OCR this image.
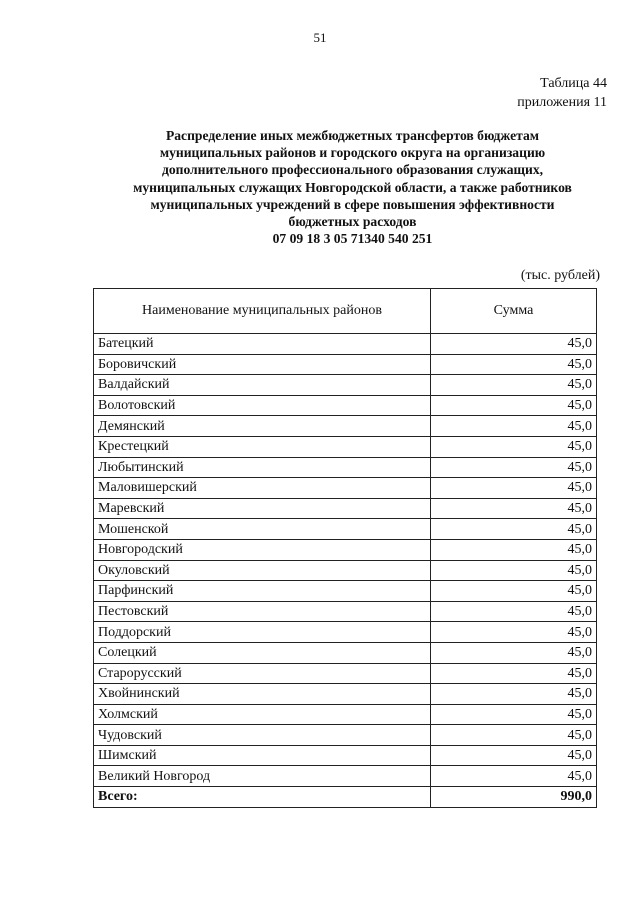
51
Таблица 44
приложения 11
Распределение иных межбюджетных трансфертов бюджетам
муниципальных районов и городского округа на организацию
дополнительного профессионального образования служащих,
муниципальных служащих Новгородской области, а также работников
муниципальных учреждений в сфере повышения эффективности
бюджетных расходов
07 09 18 3 05 71340 540 251
(тыс. рублей)
Наименование муниципальных районов	Сумма
Батецкий	45,0
Боровичский	45,0
Валдайский	45,0
Волотовский	45,0
Демянский	45,0
Крестецкий	45,0
Любытинский	45,0
Маловишерский	45,0
Маревский	45,0
Мошенской	45,0
Новгородский	45,0
Окуловский	45,0
Парфинский	45,0
Пестовский	45,0
Поддорский	45,0
Солецкий	45,0
Старорусский	45,0
Хвойнинский	45,0
Холмский	45,0
Чудовский	45,0
Шимский	45,0
Великий Новгород	45,0
Всего:	990,0
